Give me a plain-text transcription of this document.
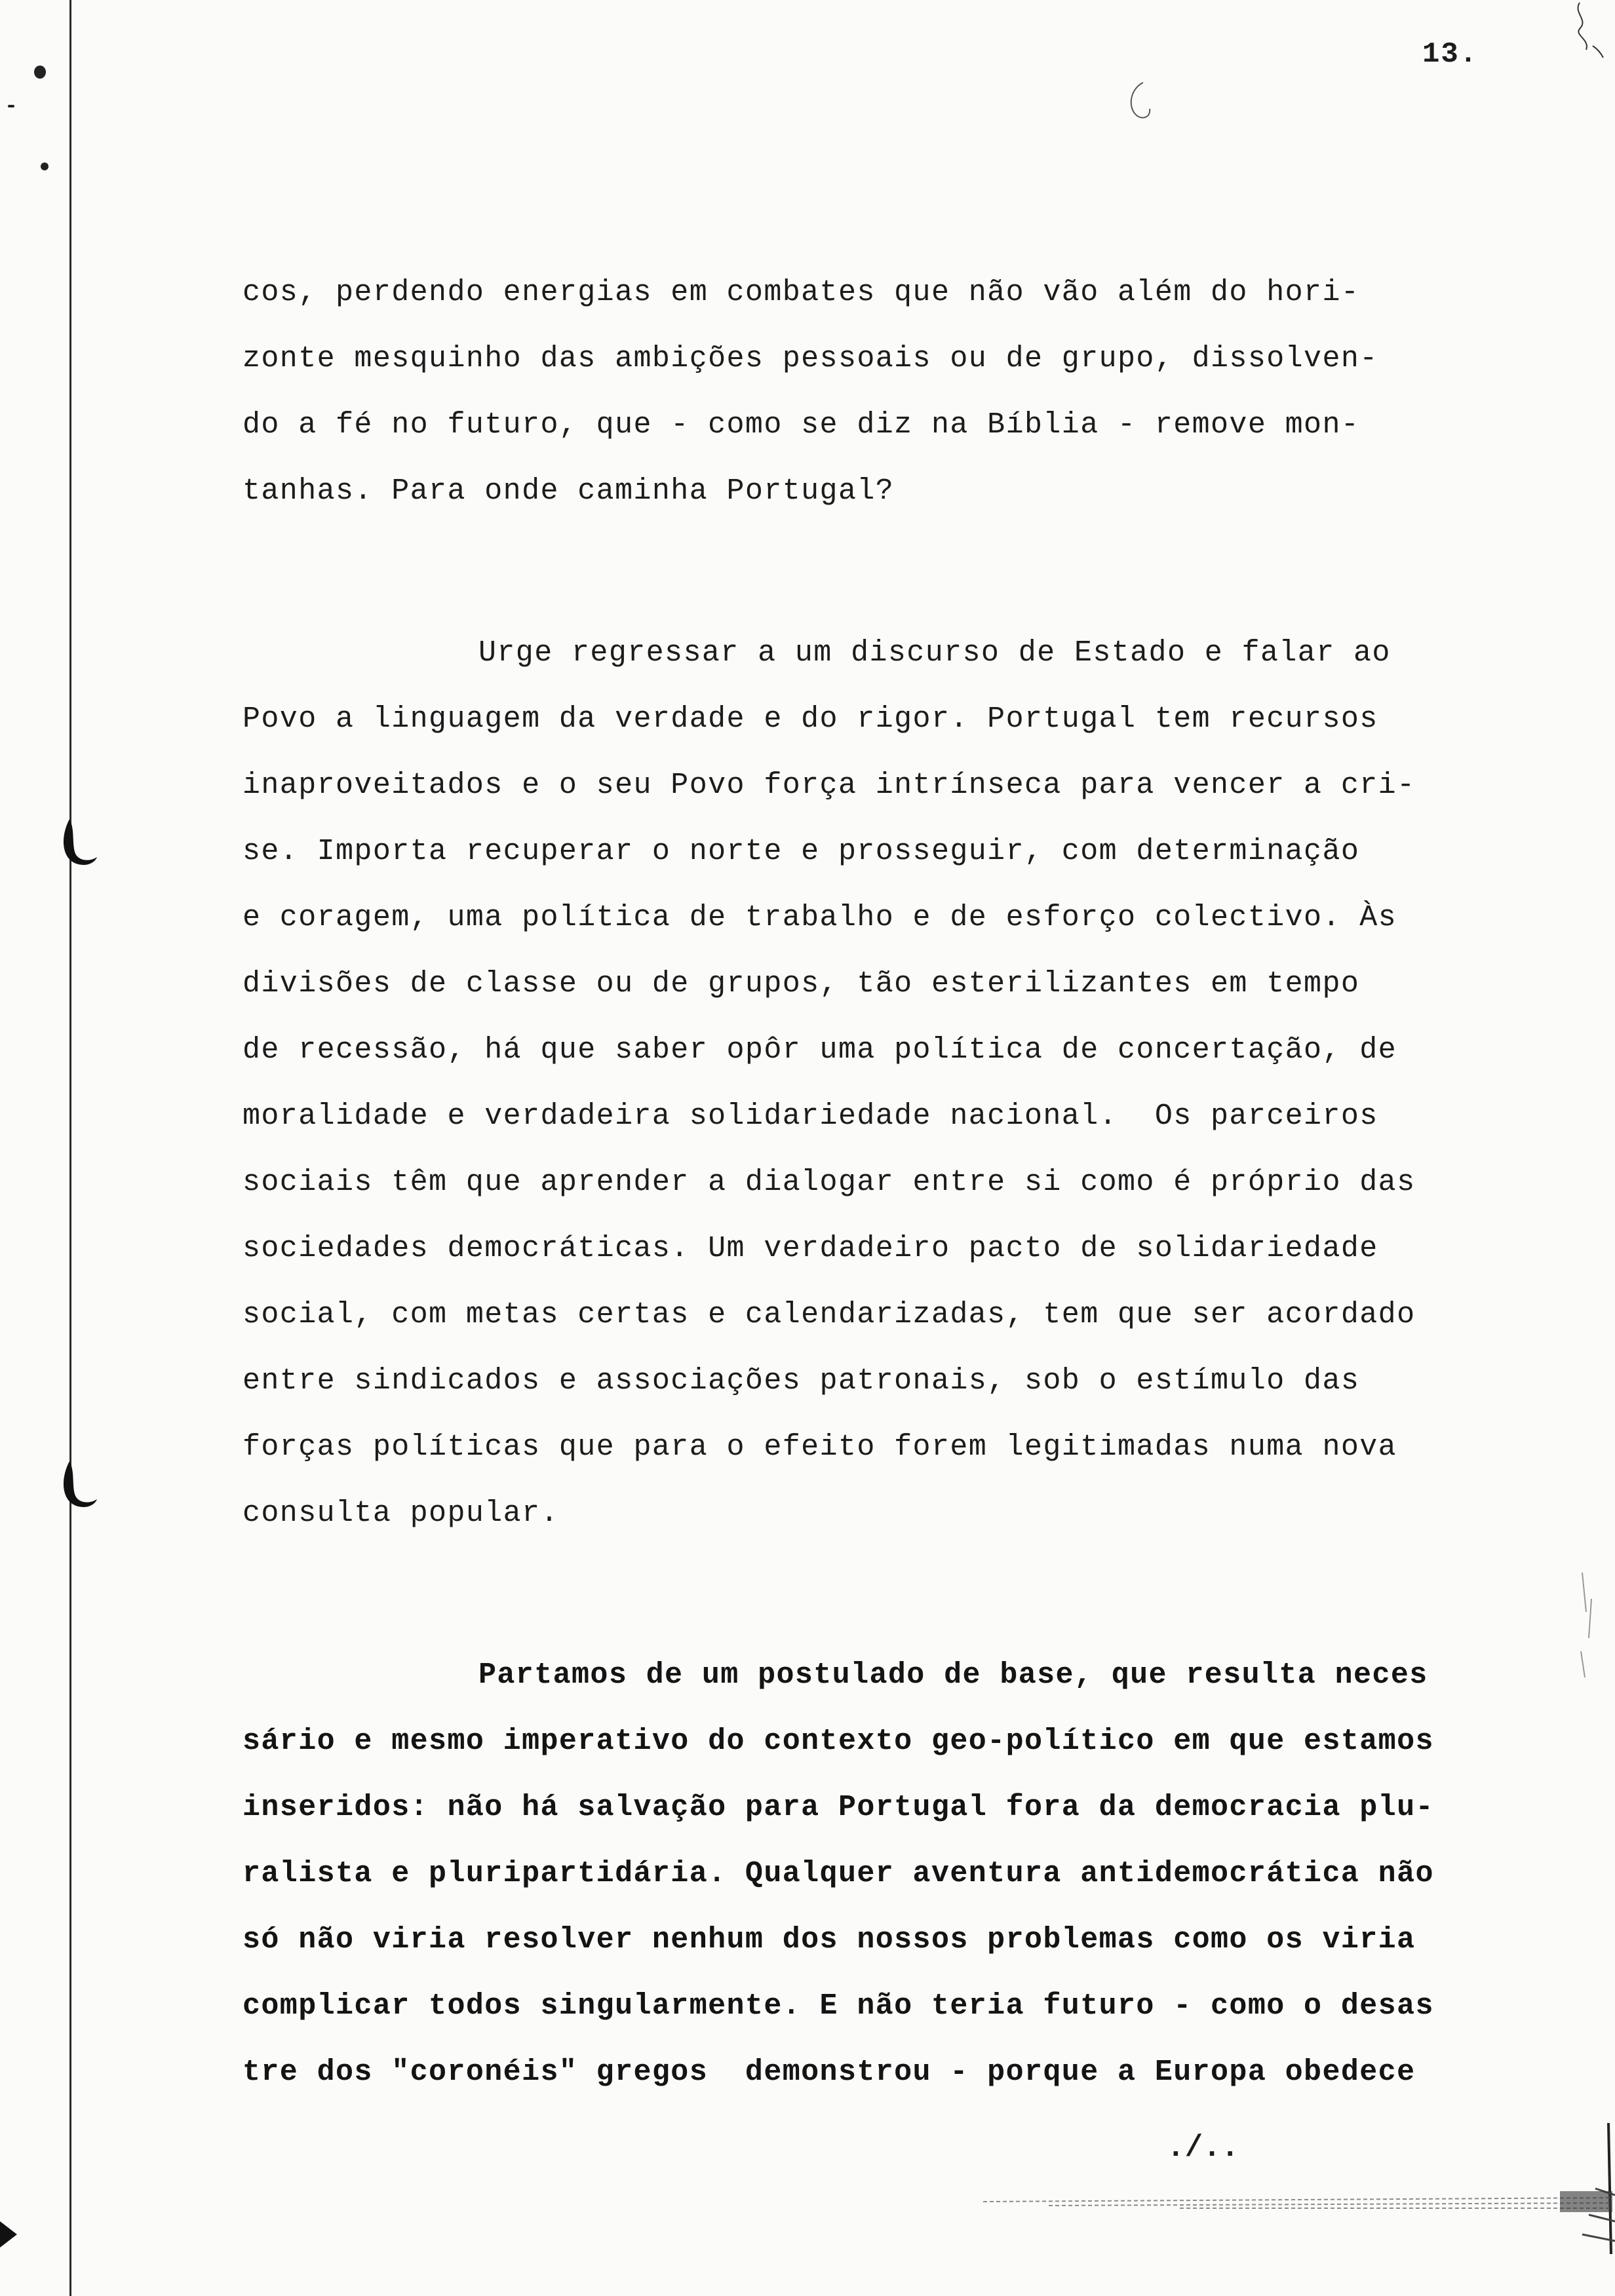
13.
cos, perdendo energias em combates que não vão além do hori-
zonte mesquinho das ambições pessoais ou de grupo, dissolven-
do a fé no futuro, que - como se diz na Bíblia - remove mon-
tanhas. Para onde caminha Portugal?
Urge regressar a um discurso de Estado e falar ao
Povo a linguagem da verdade e do rigor. Portugal tem recursos
inaproveitados e o seu Povo força intrínseca para vencer a cri-
se. Importa recuperar o norte e prosseguir, com determinação
e coragem, uma política de trabalho e de esforço colectivo. Às
divisões de classe ou de grupos, tão esterilizantes em tempo
de recessão, há que saber opôr uma política de concertação, de
moralidade e verdadeira solidariedade nacional.  Os parceiros
sociais têm que aprender a dialogar entre si como é próprio das
sociedades democráticas. Um verdadeiro pacto de solidariedade
social, com metas certas e calendarizadas, tem que ser acordado
entre sindicados e associações patronais, sob o estímulo das
forças políticas que para o efeito forem legitimadas numa nova
consulta popular.
Partamos de um postulado de base, que resulta neces
sário e mesmo imperativo do contexto geo-político em que estamos
inseridos: não há salvação para Portugal fora da democracia plu-
ralista e pluripartidária. Qualquer aventura antidemocrática não
só não viria resolver nenhum dos nossos problemas como os viria
complicar todos singularmente. E não teria futuro - como o desas
tre dos "coronéis" gregos  demonstrou - porque a Europa obedece
./..
